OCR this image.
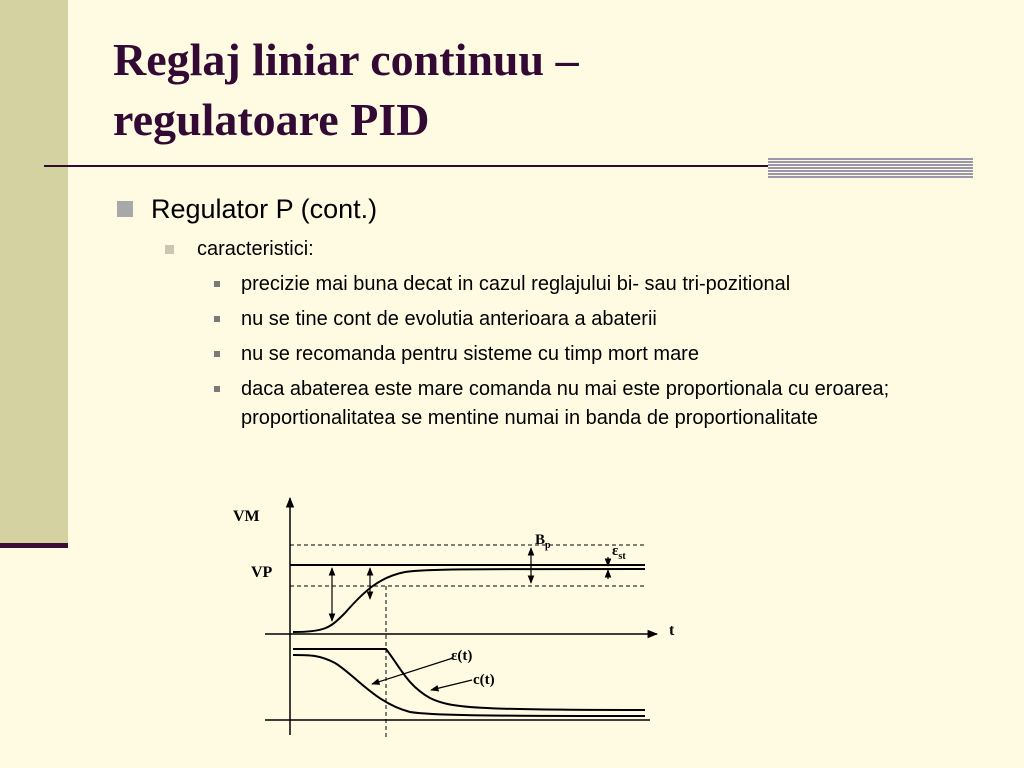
Reglaj liniar continuu –
regulatoare PID
Regulator P (cont.)
caracteristici:
precizie mai buna decat in cazul reglajului bi- sau tri-pozitional
nu se tine cont de evolutia anterioara a abaterii
nu se recomanda pentru sisteme cu timp mort mare
daca abaterea este mare comanda nu mai este proportionala cu eroarea; proportionalitatea se mentine numai in banda de proportionalitate
VM
VP
t
$B_p$	$\varepsilon_{st}$
ε(t)
c(t)
